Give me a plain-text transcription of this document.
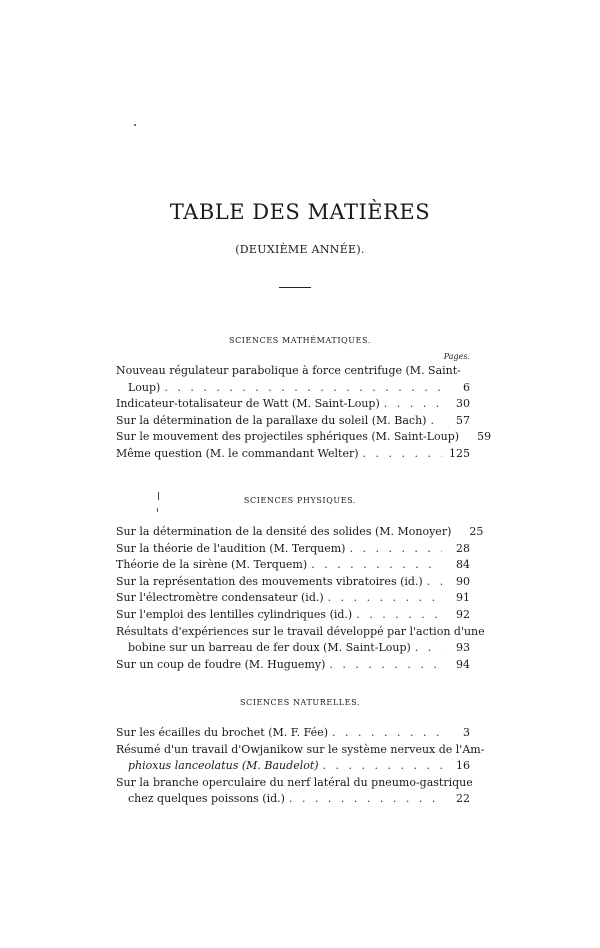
TABLE DES MATIÈRES
(DEUXIÈME ANNÉE).
SCIENCES MATHÉMATIQUES.
Pages.
Nouveau régulateur parabolique à force centrifuge (M. Saint-
Loup) . . .	6
Indicateur-totalisateur de Watt (M. Saint-Loup) . . .	30
Sur la détermination de la parallaxe du soleil (M. Bach) . . .	57
Sur le mouvement des projectiles sphériques (M. Saint-Loup)	59
Même question (M. le commandant Welter) . . .	125
SCIENCES PHYSIQUES.
Sur la détermination de la densité des solides (M. Monoyer)	25
Sur la théorie de l'audition (M. Terquem) . . .	28
Théorie de la sirène (M. Terquem) . . .	84
Sur la représentation des mouvements vibratoires (id.) . . .	90
Sur l'électromètre condensateur (id.) . . .	91
Sur l'emploi des lentilles cylindriques (id.) . . .	92
Résultats d'expériences sur le travail développé par l'action d'une
bobine sur un barreau de fer doux (M. Saint-Loup) . . .	93
Sur un coup de foudre (M. Huguemy) . . .	94
SCIENCES NATURELLES.
Sur les écailles du brochet (M. F. Fée) . . .	3
Résumé d'un travail d'Owjanikow sur le système nerveux de l'Am-
phioxus lanceolatus (M. Baudelot) . . .	16
Sur la branche operculaire du nerf latéral du pneumo-gastrique
chez quelques poissons (id.) . . .	22
